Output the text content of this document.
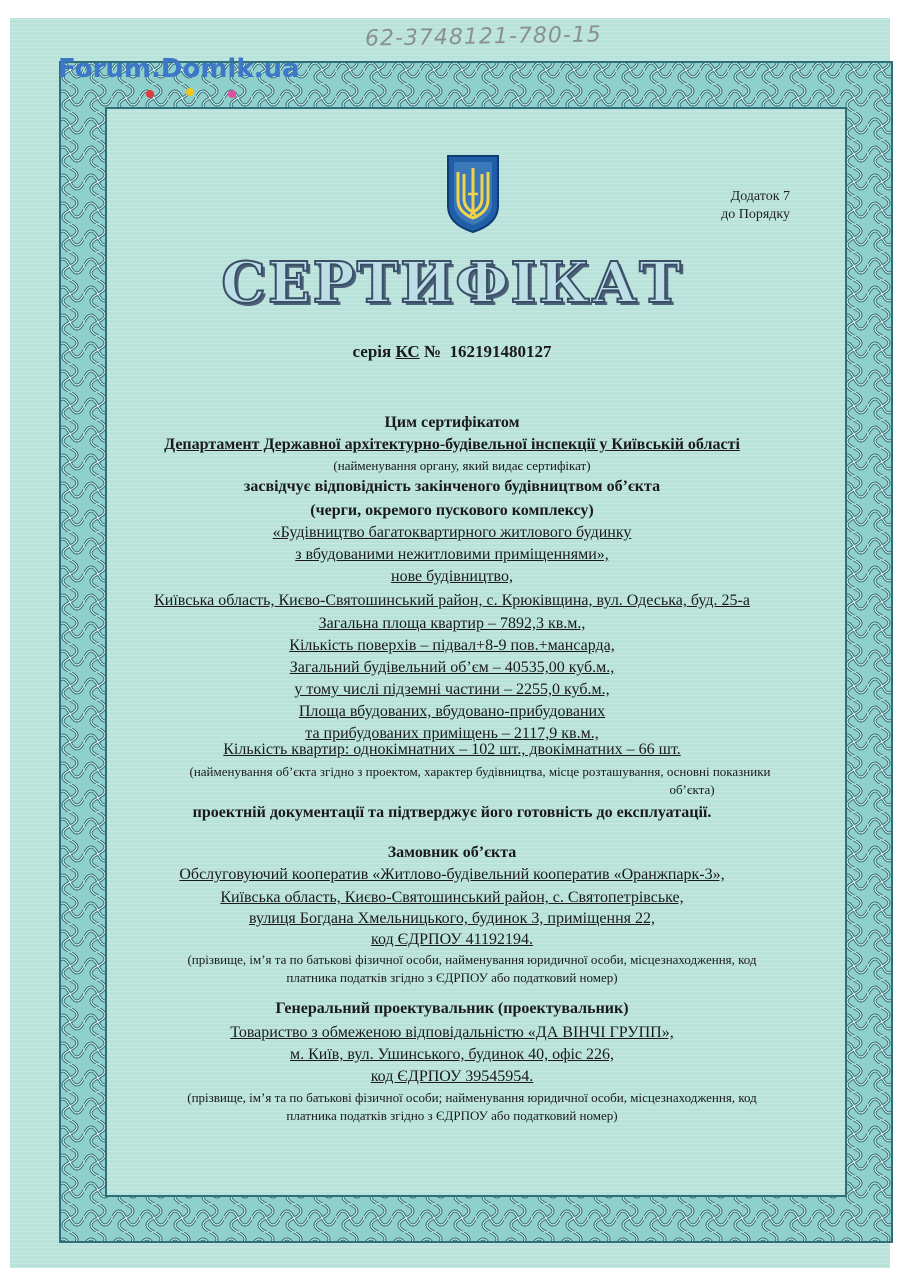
62-3748121-780-15
Forum.Domik.ua
Додаток 7
до Порядку
СЕРТИФІКАТ
серія КС № 162191480127
Цим сертифікатом
Департамент Державної архітектурно-будівельної інспекції у Київській області
(найменування органу, який видає сертифікат)
засвідчує відповідність закінченого будівництвом об’єкта
(черги, окремого пускового комплексу)
«Будівництво багатоквартирного житлового будинку
з вбудованими нежитловими приміщеннями»,
нове будівництво,
Київська область, Києво-Святошинський район, с. Крюківщина, вул. Одеська, буд. 25-а
Загальна площа квартир – 7892,3 кв.м.,
Кількість поверхів – підвал+8-9 пов.+мансарда,
Загальний будівельний об’єм – 40535,00 куб.м.,
у тому числі підземні частини – 2255,0 куб.м.,
Площа вбудованих, вбудовано-прибудованих
та прибудованих приміщень – 2117,9 кв.м.,
Кількість квартир: однокімнатних – 102 шт., двокімнатних – 66 шт.
(найменування об’єкта згідно з проектом, характер будівництва, місце розташування, основні показники
об’єкта)
проектній документації та підтверджує його готовність до експлуатації.
Замовник об’єкта
Обслуговуючий кооператив «Житлово-будівельний кооператив «Оранжпарк-3»,
Київська область, Києво-Святошинський район, с. Святопетрівське,
вулиця Богдана Хмельницького, будинок 3, приміщення 22,
код ЄДРПОУ 41192194.
(прізвище, ім’я та по батькові фізичної особи, найменування юридичної особи, місцезнаходження, код
платника податків згідно з ЄДРПОУ або податковий номер)
Генеральний проектувальник (проектувальник)
Товариство з обмеженою відповідальністю «ДА ВІНЧІ ГРУПП»,
м. Київ, вул. Ушинського, будинок 40, офіс 226,
код ЄДРПОУ 39545954.
(прізвище, ім’я та по батькові фізичної особи; найменування юридичної особи, місцезнаходження, код
платника податків згідно з ЄДРПОУ або податковий номер)
